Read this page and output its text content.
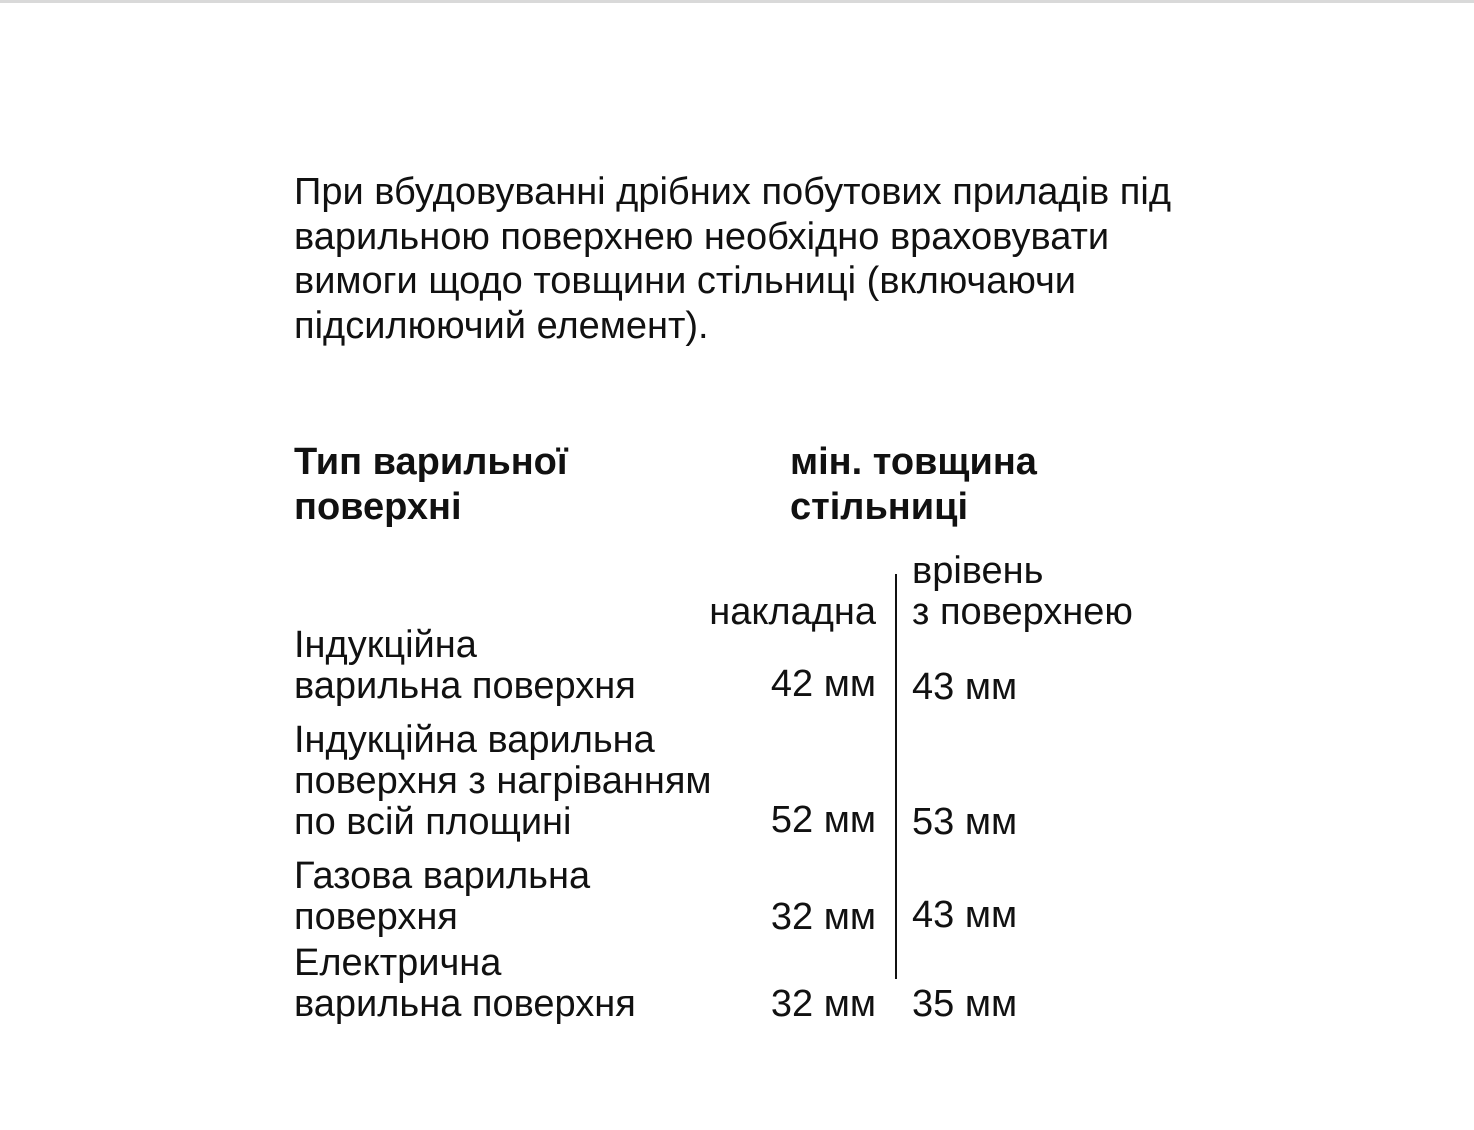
При вбудовуванні дрібних побутових приладів під варильною поверхнею необхідно враховувати вимоги щодо товщини стільниці (включаючи підсилюючий елемент).
Тип варильної
поверхні
мін. товщина
стільниці
накладна
врівень
з поверхнею
Індукційна
варильна поверхня	42 мм 43 мм
Індукційна варильна
поверхня з нагріванням
по всій площині	52 мм 53 мм
Газова варильна
поверхня	32 мм 43 мм
Електрична
варильна поверхня	32 мм 35 мм
